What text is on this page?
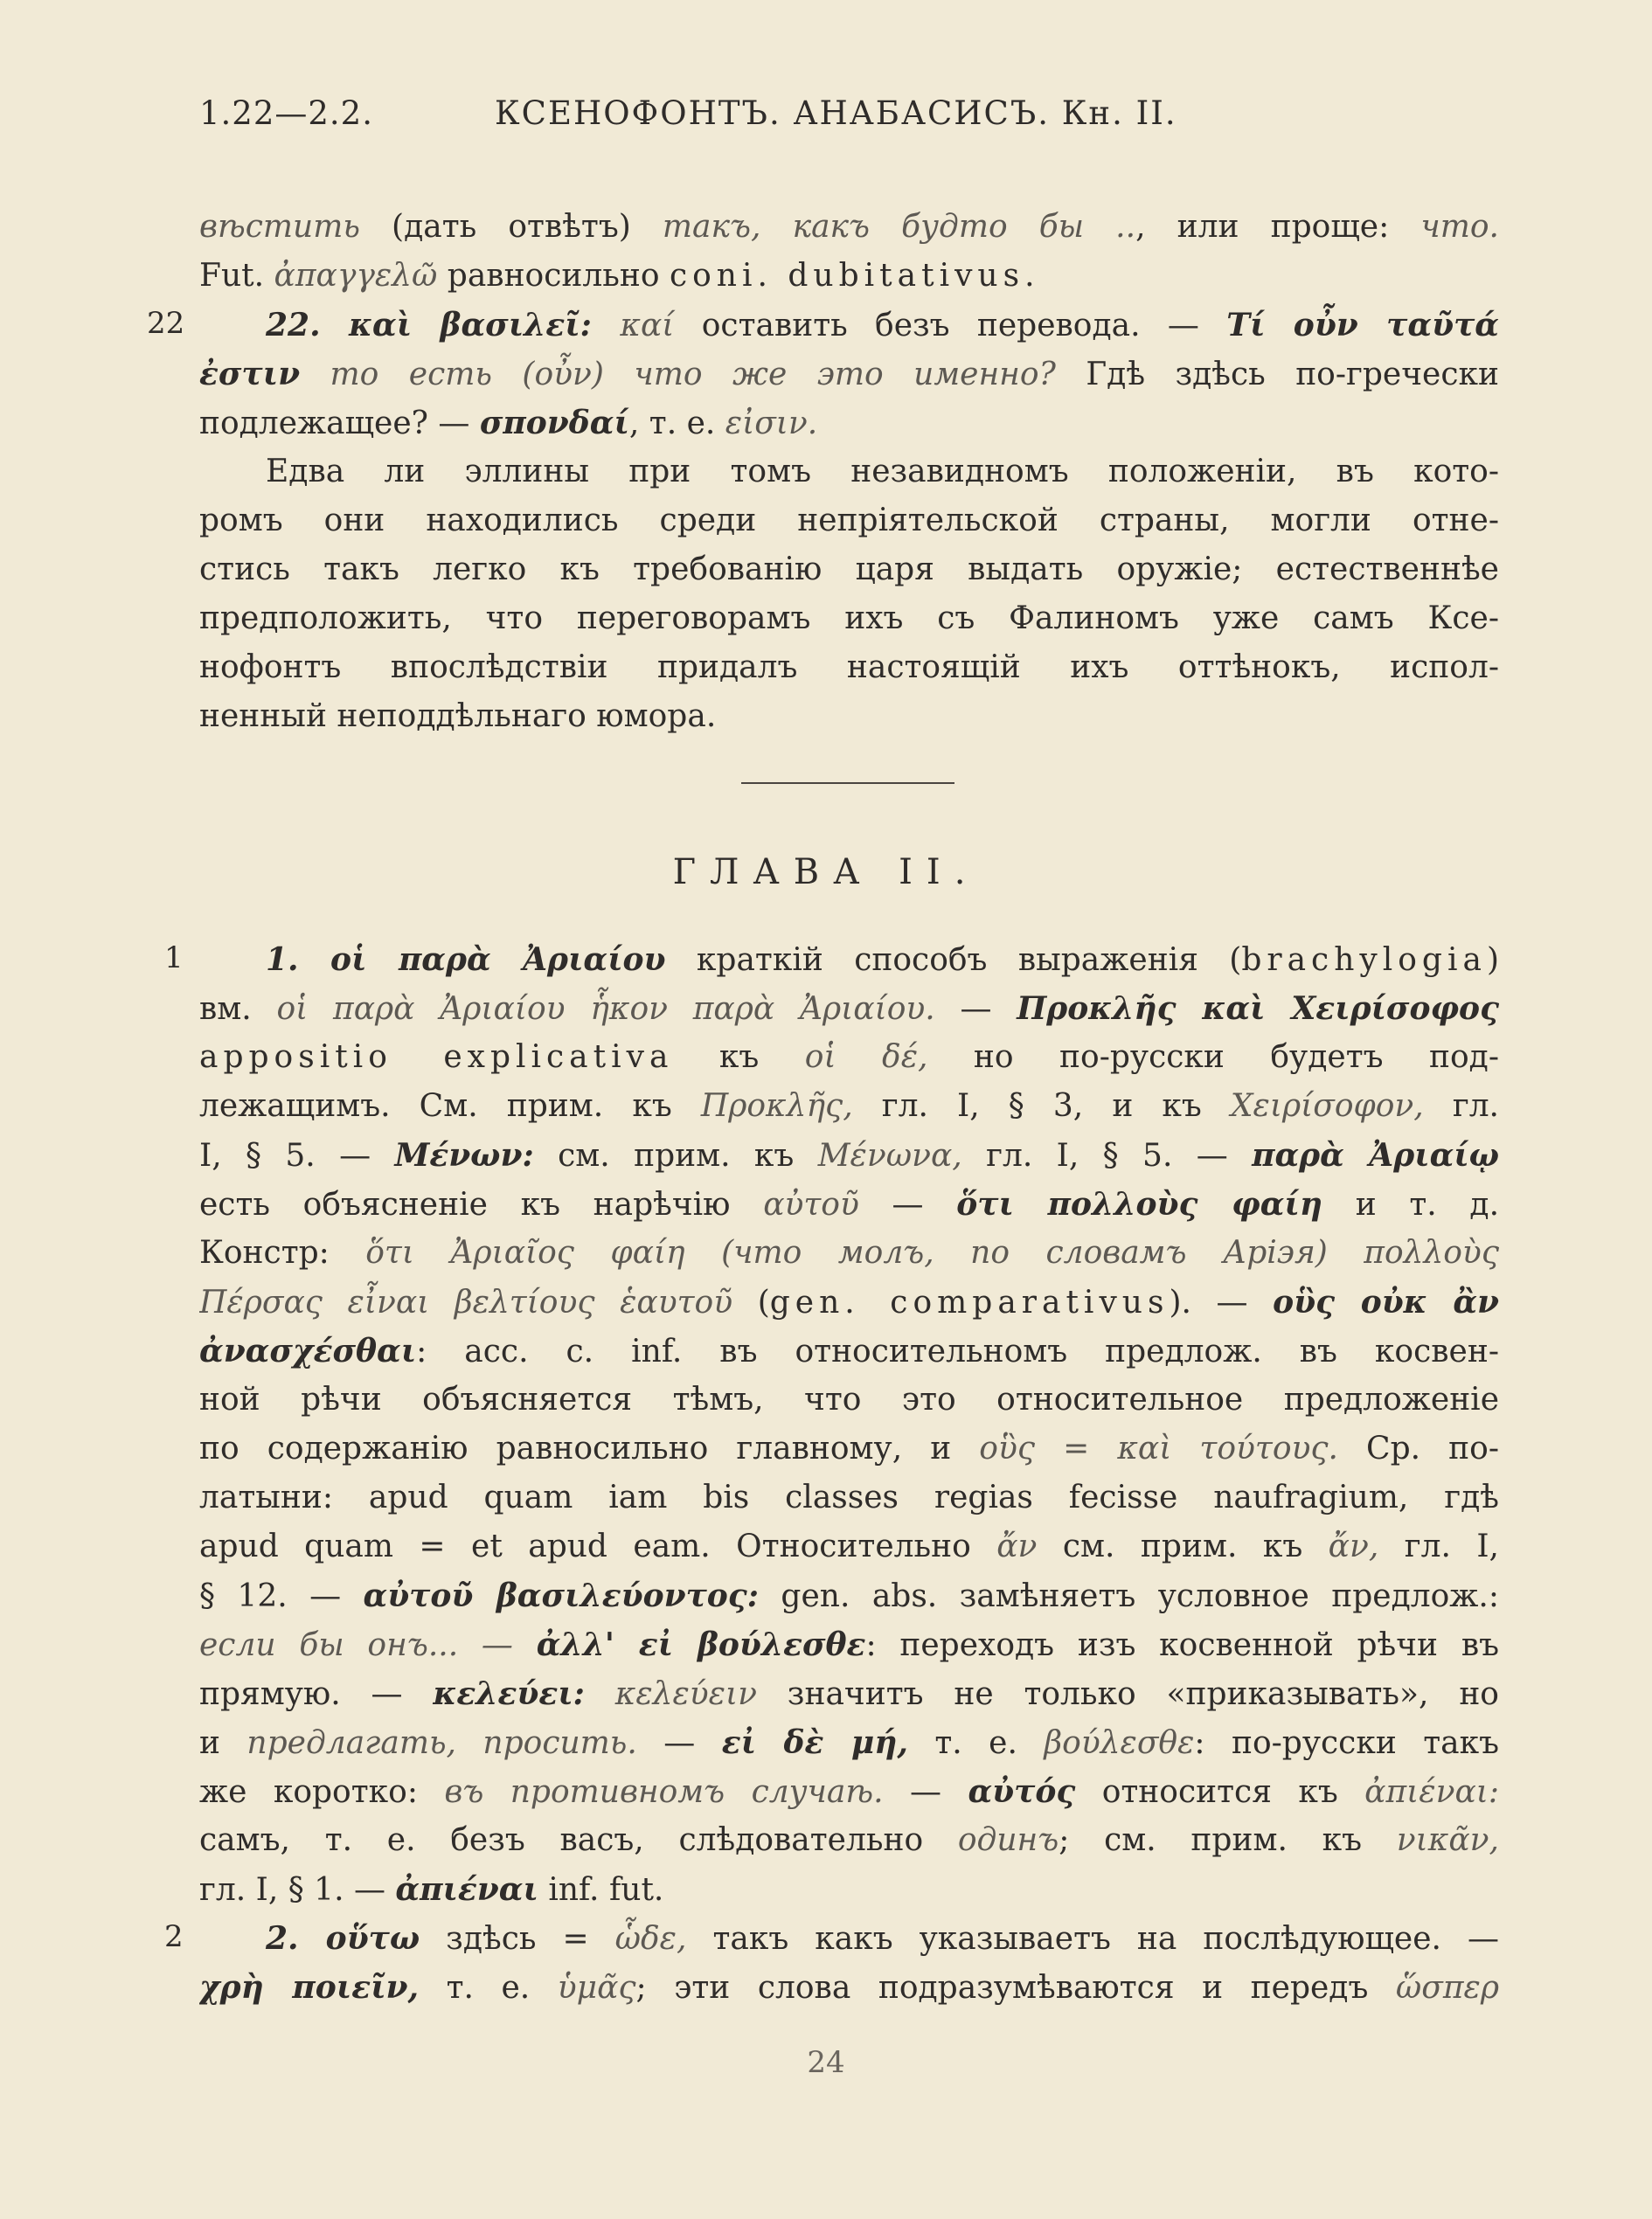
1.22—2.2.	КСЕНОФОНТЪ. АНАБАСИСЪ. Кн. II.
вѣстить (дать отвѣтъ) такъ, какъ будто бы .., или проще: что.
Fut. ἀπαγγελῶ равносильно coni. dubitativus.
22	22. καὶ βασιλεῖ: καί оставить безъ перевода. — Τί οὖν ταῦτά
ἐστιν то есть (οὖν) что же это именно? Гдѣ здѣсь по-гречески
подлежащее? — σπονδαί, т. е. εἰσιν.
Едва ли эллины при томъ незавидномъ положеніи, въ кото-
ромъ они находились среди непріятельской страны, могли отне-
стись такъ легко къ требованію царя выдать оружіе; естественнѣе
предположить, что переговорамъ ихъ съ Фалиномъ уже самъ Ксе-
нофонтъ впослѣдствіи придалъ настоящій ихъ оттѣнокъ, испол-
ненный неподдѣльнаго юмора.
ГЛАВА II.
1	1. οἱ παρὰ Ἀριαίου краткій способъ выраженія (brachylogia)
вм. οἱ παρὰ Ἀριαίου ἧκον παρὰ Ἀριαίου. — Προκλῆς καὶ Χειρίσοφος
appositio explicativa къ οἱ δέ, но по-русски будетъ под-
лежащимъ. См. прим. къ Προκλῆς, гл. I, § 3, и къ Χειρίσοφον, гл.
I, § 5. — Μένων: см. прим. къ Μένωνα, гл. I, § 5. — παρὰ Ἀριαίῳ
есть объясненіе къ нарѣчію αὐτοῦ — ὅτι πολλοὺς φαίη и т. д.
Констр: ὅτι Ἀριαῖος φαίη (что молъ, по словамъ Аріэя) πολλοὺς
Πέρσας εἶναι βελτίους ἑαυτοῦ (gen. comparativus). — οὓς οὐκ ἂν
ἀνασχέσθαι: acc. c. inf. въ относительномъ предлож. въ косвен-
ной рѣчи объясняется тѣмъ, что это относительное предложеніе
по содержанію равносильно главному, и οὓς = καὶ τούτους. Ср. по-
латыни: apud quam iam bis classes regias fecisse naufragium, гдѣ
apud quam = et apud eam. Относительно ἄν см. прим. къ ἄν, гл. I,
§ 12. — αὐτοῦ βασιλεύοντος: gen. abs. замѣняетъ условное предлож.:
если бы онъ... — ἀλλ' εἰ βούλεσθε: переходъ изъ косвенной рѣчи въ
прямую. — κελεύει: κελεύειν значитъ не только «приказывать», но
и предлагать, просить. — εἰ δὲ μή, т. е. βούλεσθε: по-русски такъ
же коротко: въ противномъ случаѣ. — αὐτός относится къ ἀπιέναι:
самъ, т. е. безъ васъ, слѣдовательно одинъ; см. прим. къ νικᾶν,
гл. I, § 1. — ἀπιέναι inf. fut.
2	2. οὕτω здѣсь = ὧδε, такъ какъ указываетъ на послѣдующее. —
χρὴ ποιεῖν, т. е. ὑμᾶς; эти слова подразумѣваются и передъ ὥσπερ
24
